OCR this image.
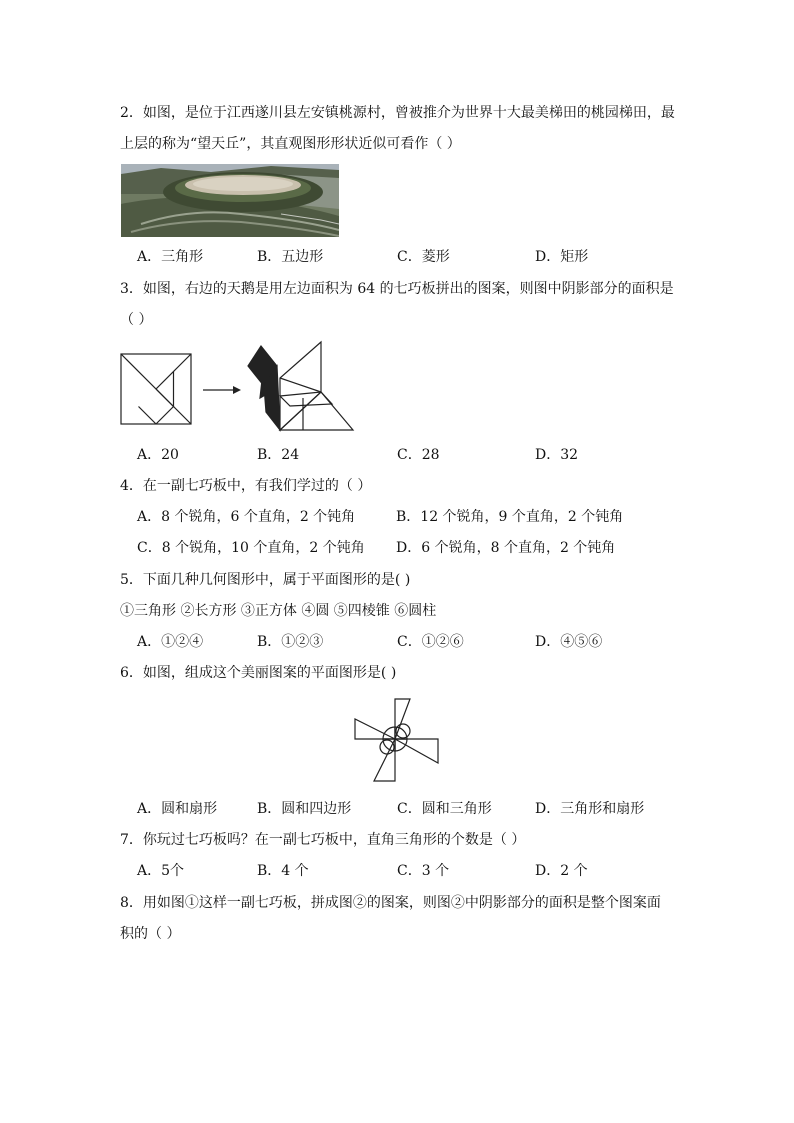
2．如图，是位于江西遂川县左安镇桃源村，曾被推介为世界十大最美梯田的桃园梯田，最
上层的称为“望天丘”，其直观图形形状近似可看作（ ）
A．三角形	B．五边形	C．菱形	D．矩形
3．如图，右边的天鹅是用左边面积为 64 的七巧板拼出的图案，则图中阴影部分的面积是
（ ）
A．20	B．24	C．28	D．32
4．在一副七巧板中，有我们学过的（ ）
A．8 个锐角，6 个直角，2 个钝角	B．12 个锐角，9 个直角，2 个钝角
C．8 个锐角，10 个直角，2 个钝角 D．6 个锐角，8 个直角，2 个钝角
5．下面几种几何图形中，属于平面图形的是( )
①三角形 ②长方形 ③正方体 ④圆 ⑤四棱锥 ⑥圆柱
A．①②④	B．①②③	C．①②⑥	D．④⑤⑥
6．如图，组成这个美丽图案的平面图形是( )
A．圆和扇形	B．圆和四边形	C．圆和三角形	D．三角形和扇形
7．你玩过七巧板吗？在一副七巧板中，直角三角形的个数是（ ）
A．5个	B．4 个	C．3 个	D．2 个
8．用如图①这样一副七巧板，拼成图②的图案，则图②中阴影部分的面积是整个图案面
积的（ ）
